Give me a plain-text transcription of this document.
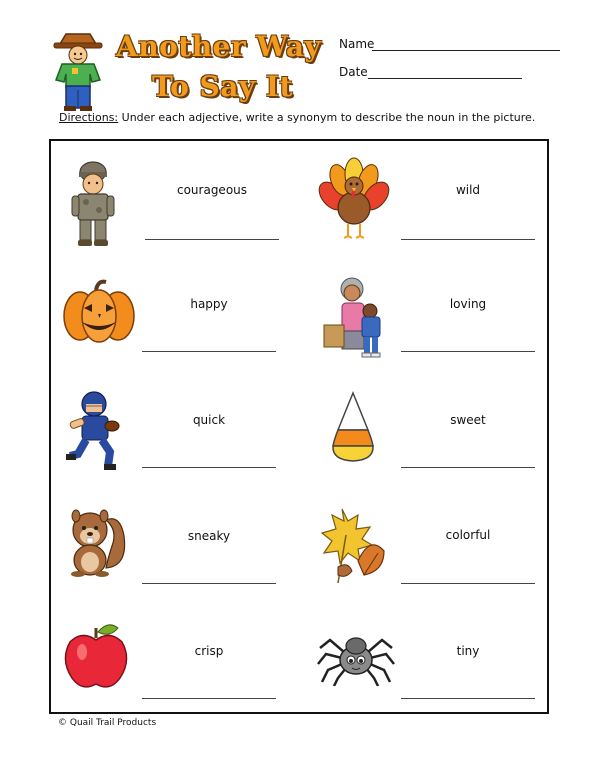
Another Way
To Say It
Name
Date
Directions: Under each adjective, write a synonym to describe the noun in the picture.
courageous	wild
happy	loving
quick	sweet
sneaky	colorful
crisp	tiny
© Quail Trail Products
